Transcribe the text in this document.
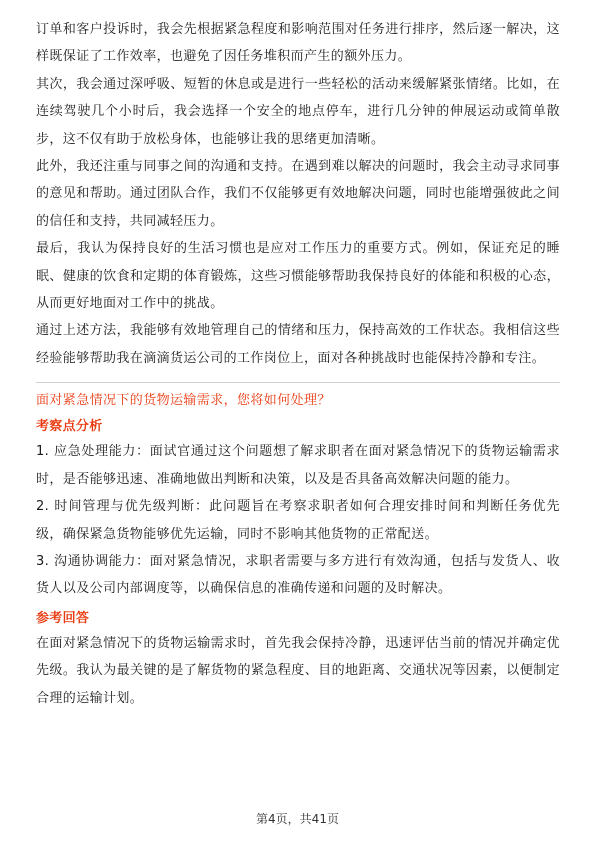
订单和客户投诉时，我会先根据紧急程度和影响范围对任务进行排序，然后逐一解决，这样既保证了工作效率，也避免了因任务堆积而产生的额外压力。

其次，我会通过深呼吸、短暂的休息或是进行一些轻松的活动来缓解紧张情绪。比如，在连续驾驶几个小时后，我会选择一个安全的地点停车，进行几分钟的伸展运动或简单散步，这不仅有助于放松身体，也能够让我的思绪更加清晰。

此外，我还注重与同事之间的沟通和支持。在遇到难以解决的问题时，我会主动寻求同事的意见和帮助。通过团队合作，我们不仅能够更有效地解决问题，同时也能增强彼此之间的信任和支持，共同减轻压力。

最后，我认为保持良好的生活习惯也是应对工作压力的重要方式。例如，保证充足的睡眠、健康的饮食和定期的体育锻炼，这些习惯能够帮助我保持良好的体能和积极的心态，从而更好地面对工作中的挑战。

通过上述方法，我能够有效地管理自己的情绪和压力，保持高效的工作状态。我相信这些经验能够帮助我在滴滴货运公司的工作岗位上，面对各种挑战时也能保持冷静和专注。

面对紧急情况下的货物运输需求，您将如何处理？

考察点分析

1. 应急处理能力：面试官通过这个问题想了解求职者在面对紧急情况下的货物运输需求时，是否能够迅速、准确地做出判断和决策，以及是否具备高效解决问题的能力。

2. 时间管理与优先级判断：此问题旨在考察求职者如何合理安排时间和判断任务优先级，确保紧急货物能够优先运输，同时不影响其他货物的正常配送。

3. 沟通协调能力：面对紧急情况，求职者需要与多方进行有效沟通，包括与发货人、收货人以及公司内部调度等，以确保信息的准确传递和问题的及时解决。

参考回答

在面对紧急情况下的货物运输需求时，首先我会保持冷静，迅速评估当前的情况并确定优先级。我认为最关键的是了解货物的紧急程度、目的地距离、交通状况等因素，以便制定合理的运输计划。

第4页，共41页
